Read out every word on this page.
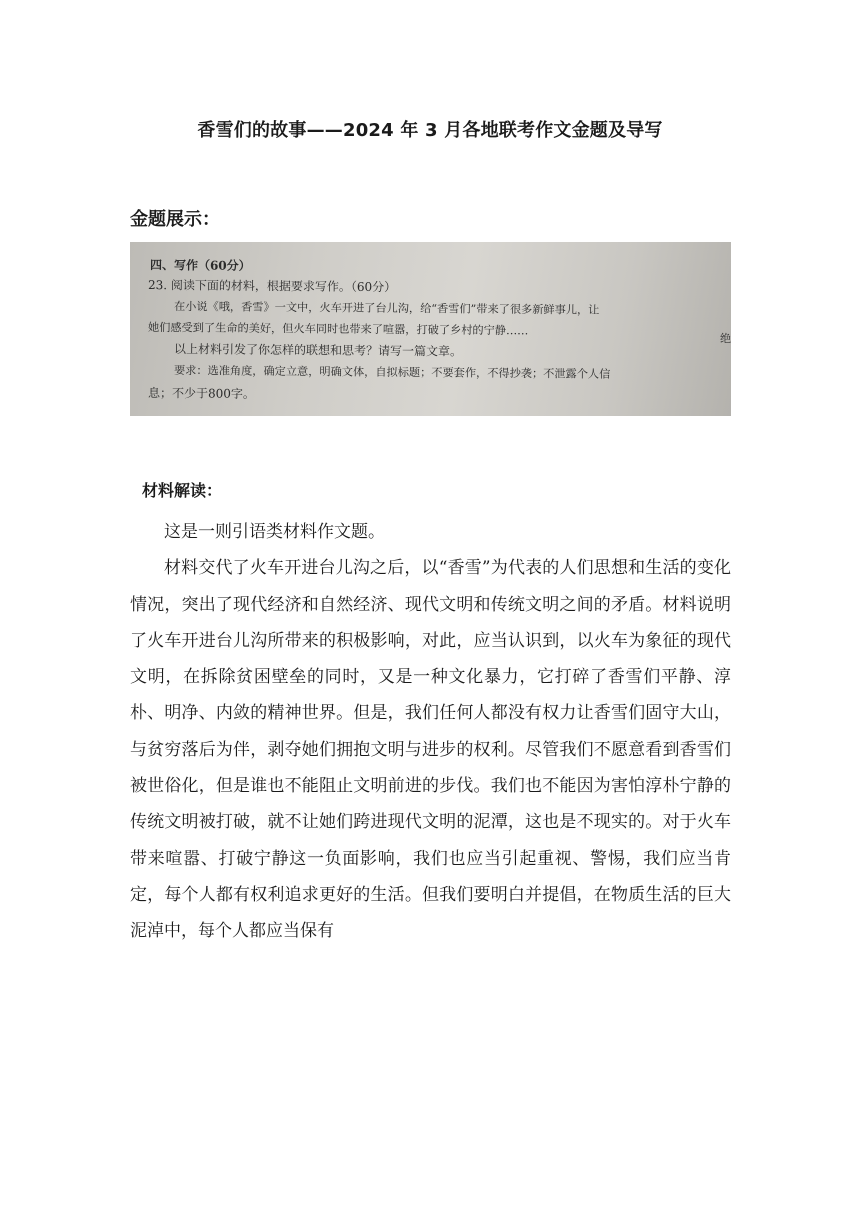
香雪们的故事——2024 年 3 月各地联考作文金题及导写
金题展示：
四、写作（60分）
23. 阅读下面的材料，根据要求写作。（60分）
在小说《哦，香雪》一文中，火车开进了台儿沟，给“香雪们”带来了很多新鲜事儿，让
她们感受到了生命的美好，但火车同时也带来了喧嚣，打破了乡村的宁静……
以上材料引发了你怎样的联想和思考？请写一篇文章。
要求：选准角度，确定立意，明确文体，自拟标题；不要套作，不得抄袭；不泄露个人信
息；不少于800字。
绝
材料解读：

这是一则引语类材料作文题。

材料交代了火车开进台儿沟之后，以“香雪”为代表的人们思想和生活的变化情况，突出了现代经济和自然经济、现代文明和传统文明之间的矛盾。材料说明了火车开进台儿沟所带来的积极影响，对此，应当认识到，以火车为象征的现代文明，在拆除贫困壁垒的同时，又是一种文化暴力，它打碎了香雪们平静、淳朴、明净、内敛的精神世界。但是，我们任何人都没有权力让香雪们固守大山，与贫穷落后为伴，剥夺她们拥抱文明与进步的权利。尽管我们不愿意看到香雪们被世俗化，但是谁也不能阻止文明前进的步伐。我们也不能因为害怕淳朴宁静的传统文明被打破，就不让她们跨进现代文明的泥潭，这也是不现实的。对于火车带来喧嚣、打破宁静这一负面影响，我们也应当引起重视、警惕，我们应当肯定，每个人都有权利追求更好的生活。但我们要明白并提倡，在物质生活的巨大泥淖中，每个人都应当保有
